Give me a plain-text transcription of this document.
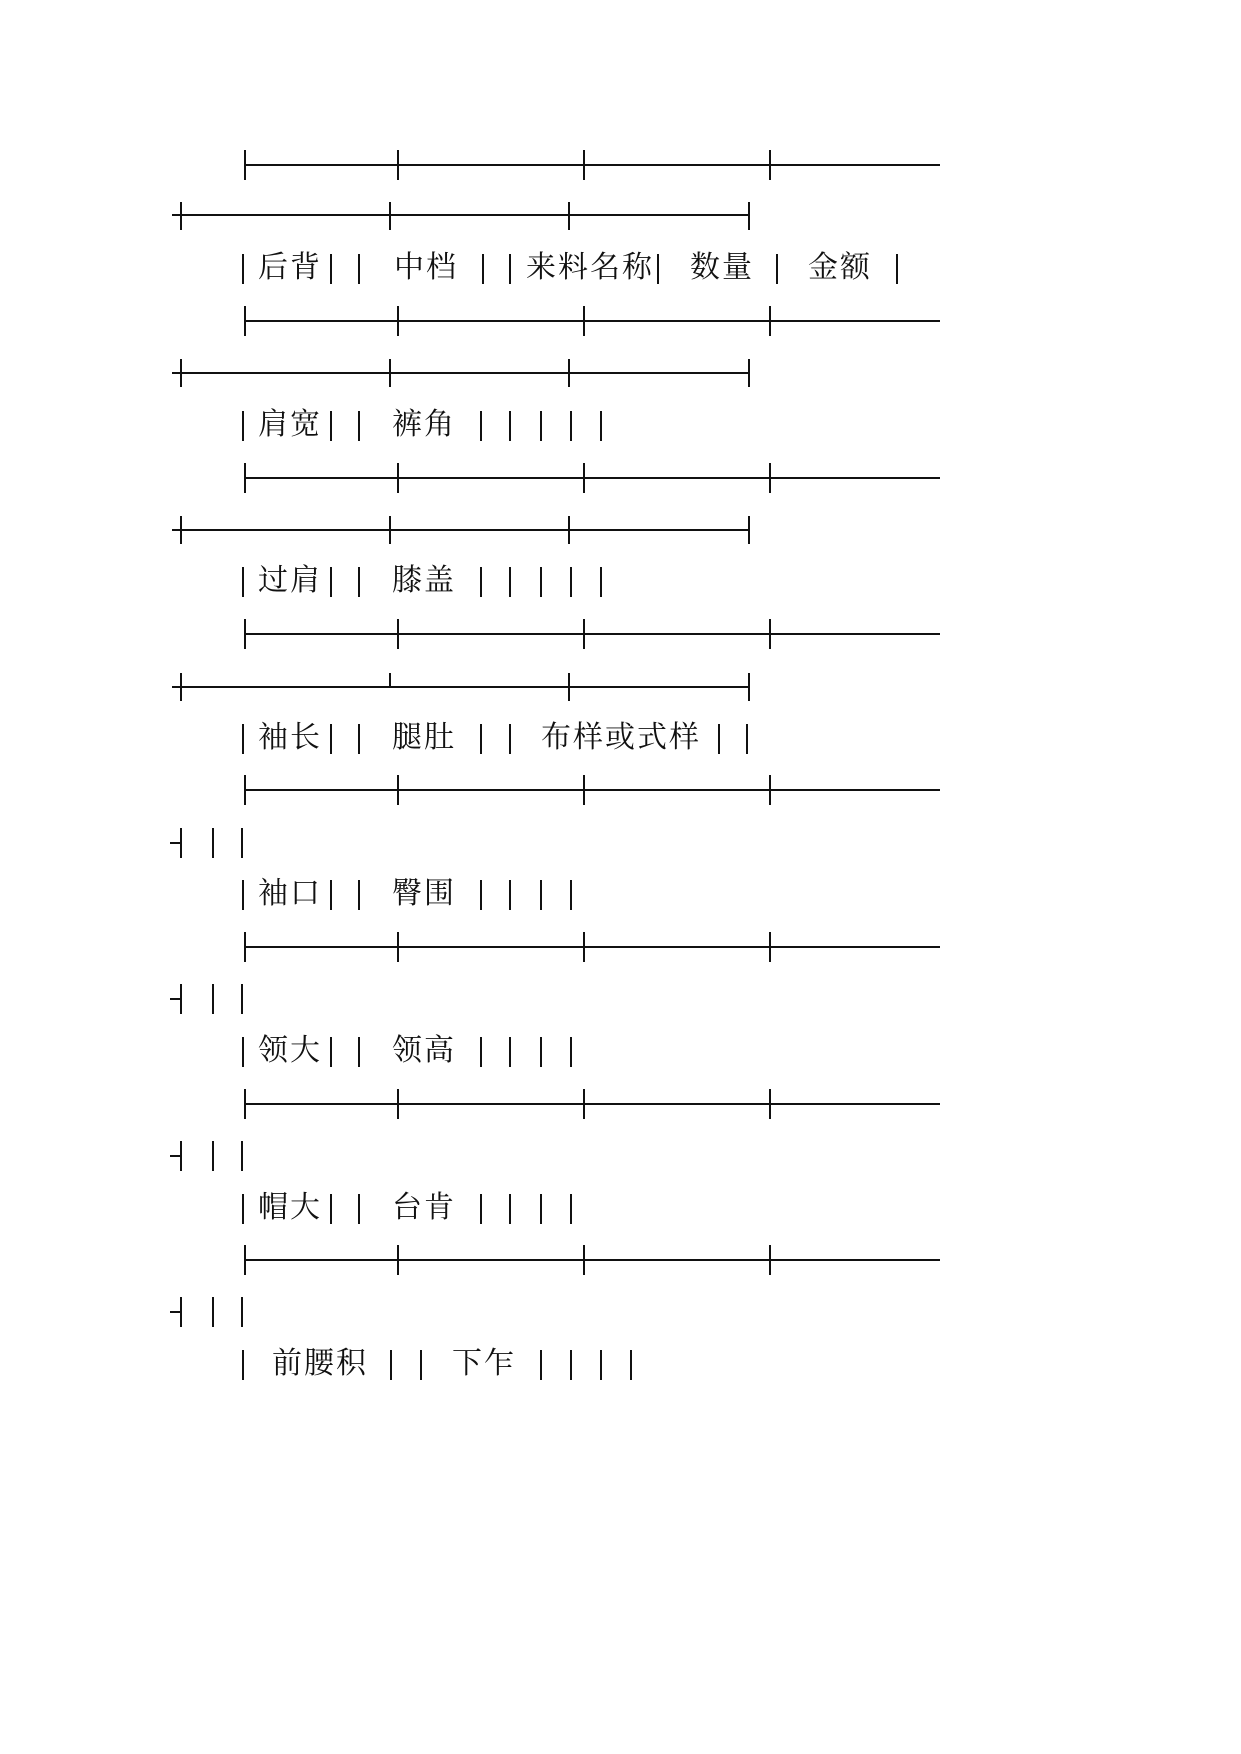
后背 中档 来料名称 数量 金额
肩宽 裤角
过肩 膝盖
袖长 腿肚	布样或式样
袖口 臀围
领大 领高
帽大 台肯
前腰积	下乍
